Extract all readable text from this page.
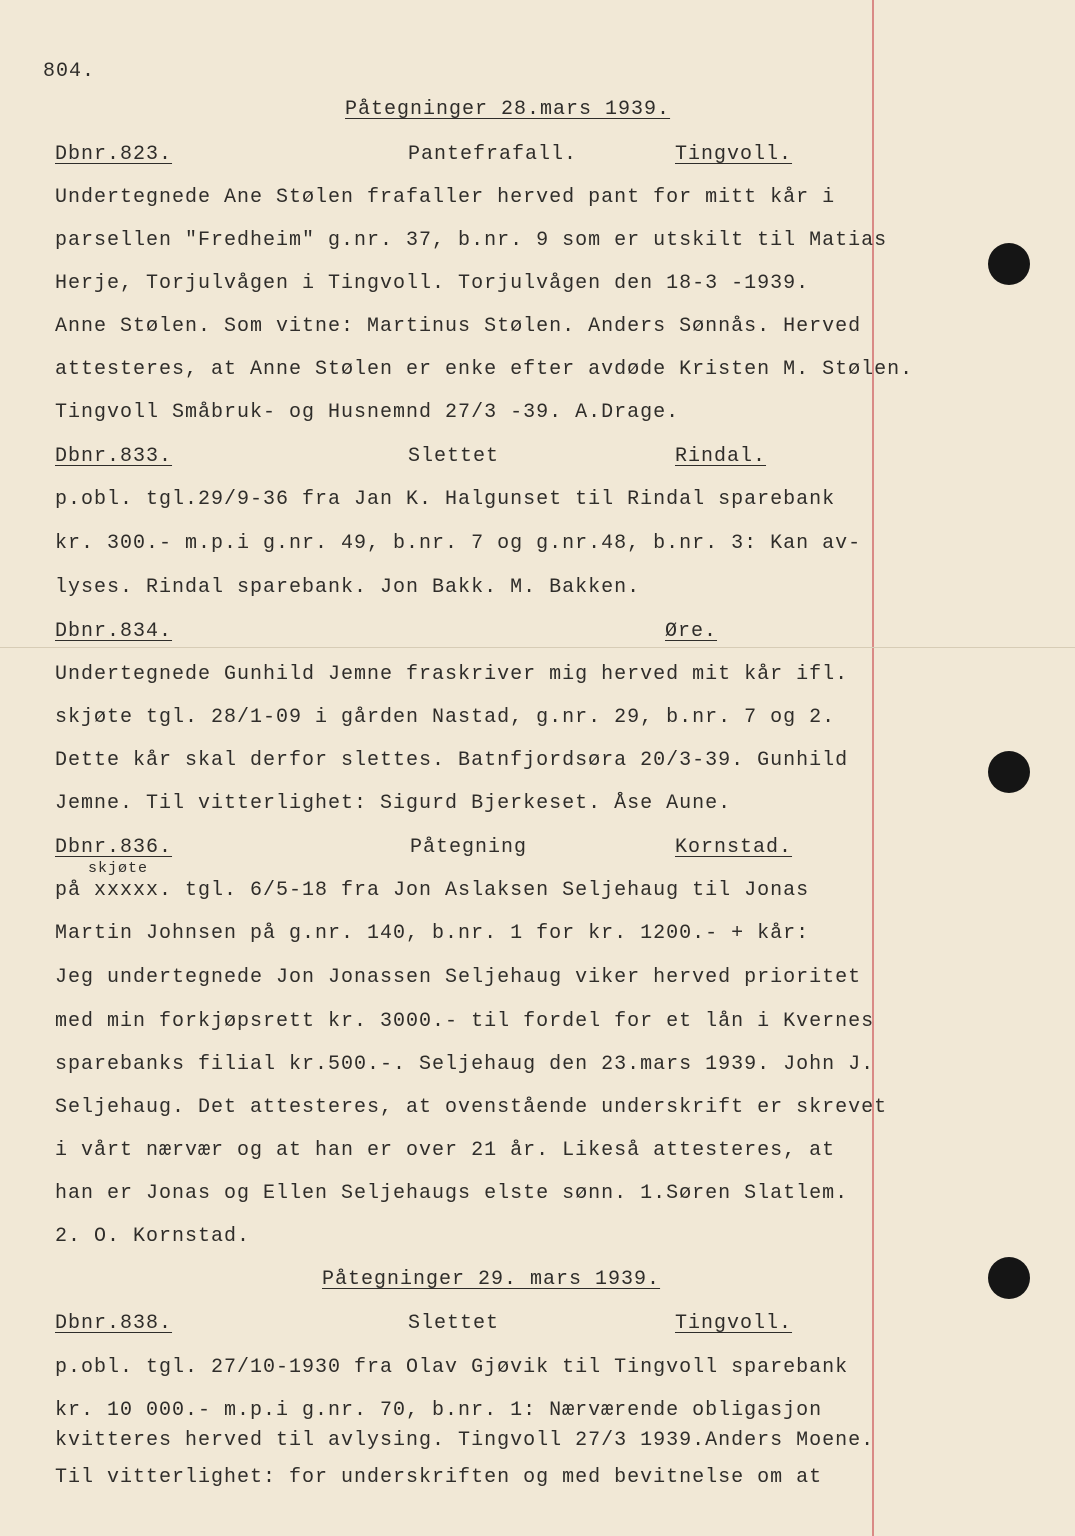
804.
Påtegninger 28.mars 1939.
Dbnr.823.	Pantefrafall.	Tingvoll.
Undertegnede Ane Stølen frafaller herved pant for mitt kår i
parsellen "Fredheim" g.nr. 37, b.nr. 9 som er utskilt til Matias
Herje, Torjulvågen i Tingvoll. Torjulvågen den 18-3 -1939.
Anne Stølen. Som vitne: Martinus Stølen. Anders Sønnås. Herved
attesteres, at Anne Stølen er enke efter avdøde Kristen M. Stølen.
Tingvoll Småbruk- og Husnemnd 27/3 -39. A.Drage.
Dbnr.833.	Slettet	Rindal.
p.obl. tgl.29/9-36 fra Jan K. Halgunset til Rindal sparebank
kr. 300.- m.p.i g.nr. 49, b.nr. 7 og g.nr.48, b.nr. 3: Kan av-
lyses. Rindal sparebank. Jon Bakk. M. Bakken.
Dbnr.834.	Øre.
Undertegnede Gunhild Jemne fraskriver mig herved mit kår ifl.
skjøte tgl. 28/1-09 i gården Nastad, g.nr. 29, b.nr. 7 og 2.
Dette kår skal derfor slettes. Batnfjordsøra 20/3-39. Gunhild
Jemne. Til vitterlighet: Sigurd Bjerkeset. Åse Aune.
Dbnr.836.	Påtegning	Kornstad.
skjøte
på xxxxx. tgl. 6/5-18 fra Jon Aslaksen Seljehaug til Jonas
Martin Johnsen på g.nr. 140, b.nr. 1 for kr. 1200.- + kår:
Jeg undertegnede Jon Jonassen Seljehaug viker herved prioritet
med min forkjøpsrett kr. 3000.- til fordel for et lån i Kvernes
sparebanks filial kr.500.-. Seljehaug den 23.mars 1939. John J.
Seljehaug. Det attesteres, at ovenstående underskrift er skrevet
i vårt nærvær og at han er over 21 år. Likeså attesteres, at
han er Jonas og Ellen Seljehaugs elste sønn. 1.Søren Slatlem.
2. O. Kornstad.
Påtegninger 29. mars 1939.
Dbnr.838.	Slettet	Tingvoll.
p.obl. tgl. 27/10-1930 fra Olav Gjøvik til Tingvoll sparebank
kr. 10 000.- m.p.i g.nr. 70, b.nr. 1: Nærværende obligasjon
kvitteres herved til avlysing. Tingvoll 27/3 1939.Anders Moene.
Til vitterlighet: for underskriften og med bevitnelse om at
